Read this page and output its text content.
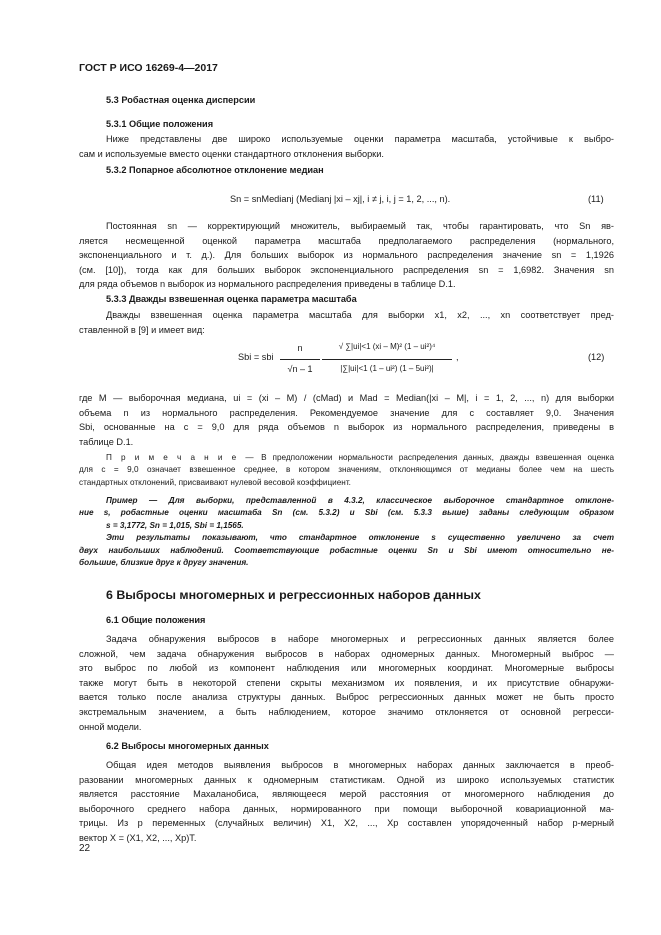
ГОСТ Р ИСО 16269-4—2017
5.3 Робастная оценка дисперсии
5.3.1 Общие положения
Ниже представлены две широко используемые оценки параметра масштаба, устойчивые к выбро-
сам и используемые вместо оценки стандартного отклонения выборки.
5.3.2 Попарное абсолютное отклонение медиан
Sn = snMedianj (Medianj |xi – xj|, i ≠ j, i, j = 1, 2, ..., n).	(11)
Постоянная sn — корректирующий множитель, выбираемый так, чтобы гарантировать, что Sn яв-
ляется несмещенной оценкой параметра масштаба предполагаемого распределения (нормального,
экспоненциального и т. д.). Для больших выборок из нормального распределения значение sn = 1,1926
(см. [10]), тогда как для больших выборок экспоненциального распределения sn = 1,6982. Значения sn
для ряда объемов n выборок из нормального распределения приведены в таблице D.1.
5.3.3 Дважды взвешенная оценка параметра масштаба
Дважды взвешенная оценка параметра масштаба для выборки x1, x2, ..., xn соответствует пред-
ставленной в [9] и имеет вид:
Sbi = sbi
n
√n – 1
√ ∑|ui|<1 (xi – M)² (1 – ui²)⁴
|∑|ui|<1 (1 – ui²) (1 – 5ui²)|
,	(12)
где M — выборочная медиана, ui = (xi – M) / (cMad) и Mad = Median(|xi – M|, i = 1, 2, ..., n) для выборки
объема n из нормального распределения. Рекомендуемое значение для c составляет 9,0. Значения
Sbi, основанные на c = 9,0 для ряда объемов n выборок из нормального распределения, приведены в
таблице D.1.
П р и м е ч а н и е — В предположении нормальности распределения данных, дважды взвешенная оценка
для c = 9,0 означает взвешенное среднее, в котором значениям, отклоняющимся от медианы более чем на шесть
стандартных отклонений, присваивают нулевой весовой коэффициент.
Пример — Для выборки, представленной в 4.3.2, классическое выборочное стандартное отклоне-
ние s, робастные оценки масштаба Sn (см. 5.3.2) и Sbi (см. 5.3.3 выше) заданы следующим образом
s = 3,1772, Sn = 1,015, Sbi = 1,1565.
Эти результаты показывают, что стандартное отклонение s существенно увеличено за счет
двух наибольших наблюдений. Соответствующие робастные оценки Sn и Sbi имеют относительно не-
большие, близкие друг к другу значения.
6 Выбросы многомерных и регрессионных наборов данных
6.1 Общие положения
Задача обнаружения выбросов в наборе многомерных и регрессионных данных является более
сложной, чем задача обнаружения выбросов в наборах одномерных данных. Многомерный выброс —
это выброс по любой из компонент наблюдения или многомерных координат. Многомерные выбросы
также могут быть в некоторой степени скрыты механизмом их появления, и их присутствие обнаружи-
вается только после анализа структуры данных. Выброс регрессионных данных может не быть просто
экстремальным значением, а быть наблюдением, которое значимо отклоняется от основной регресси-
онной модели.
6.2 Выбросы многомерных данных
Общая идея методов выявления выбросов в многомерных наборах данных заключается в преоб-
разовании многомерных данных к одномерным статистикам. Одной из широко используемых статистик
является расстояние Махаланобиса, являющееся мерой расстояния от многомерного наблюдения до
выборочного среднего набора данных, нормированного при помощи выборочной ковариационной ма-
трицы. Из p переменных (случайных величин) X1, X2, ..., Xp составлен упорядоченный набор p-мерный
вектор X = (X1, X2, ..., Xp)T.
22
